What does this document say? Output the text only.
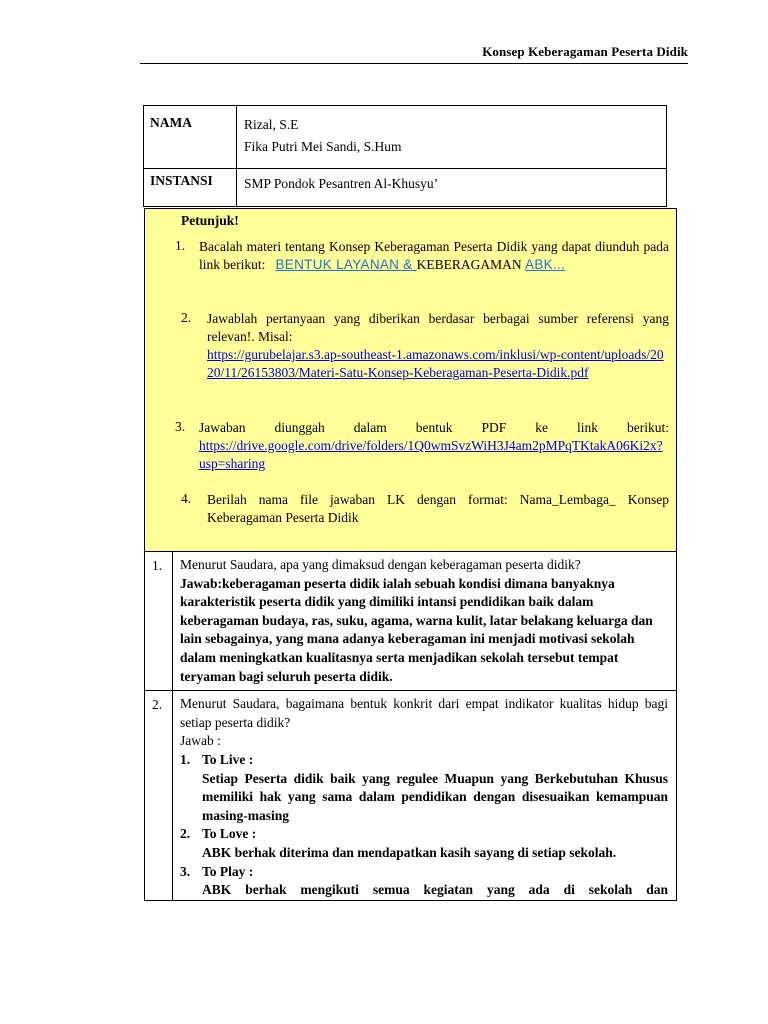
Konsep Keberagaman Peserta Didik
NAMA	Rizal, S.E
Fika Putri Mei Sandi, S.Hum

INSTANSI	SMP Pondok Pesantren Al-Khusyu’
Petunjuk!
1. Bacalah materi tentang Konsep Keberagaman Peserta Didik yang dapat diunduh pada link berikut:   BENTUK LAYANAN & KEBERAGAMAN ABK...
2. Jawablah pertanyaan yang diberikan berdasar berbagai sumber referensi yang relevan!. Misal:
https://gurubelajar.s3.ap-southeast-1.amazonaws.com/inklusi/wp-content/uploads/2020/11/26153803/Materi-Satu-Konsep-Keberagaman-Peserta-Didik.pdf
3. Jawaban diunggah dalam bentuk PDF ke link berikut:
https://drive.google.com/drive/folders/1Q0wmSvzWiH3J4am2pMPqTKtakA06Ki2x?usp=sharing
4. Berilah nama file jawaban LK dengan format: Nama_Lembaga_ Konsep Keberagaman Peserta Didik
1.	Menurut Saudara, apa yang dimaksud dengan keberagaman peserta didik?
Jawab:keberagaman peserta didik ialah sebuah kondisi dimana banyaknya karakteristik peserta didik yang dimiliki intansi pendidikan baik dalam keberagaman budaya, ras, suku, agama, warna kulit, latar belakang keluarga dan lain sebagainya, yang mana adanya keberagaman ini menjadi motivasi sekolah dalam meningkatkan kualitasnya serta menjadikan sekolah tersebut tempat teryaman bagi seluruh peserta didik.
2.	Menurut Saudara, bagaimana bentuk konkrit dari empat indikator kualitas hidup bagi setiap peserta didik?
Jawab :
1. To Live :
Setiap Peserta didik baik yang regulee Muapun yang Berkebutuhan Khusus memiliki hak yang sama dalam pendidikan dengan disesuaikan kemampuan masing-masing
2. To Love :
ABK berhak diterima dan mendapatkan kasih sayang di setiap sekolah.
3. To Play :
ABK berhak mengikuti semua kegiatan yang ada di sekolah dan
